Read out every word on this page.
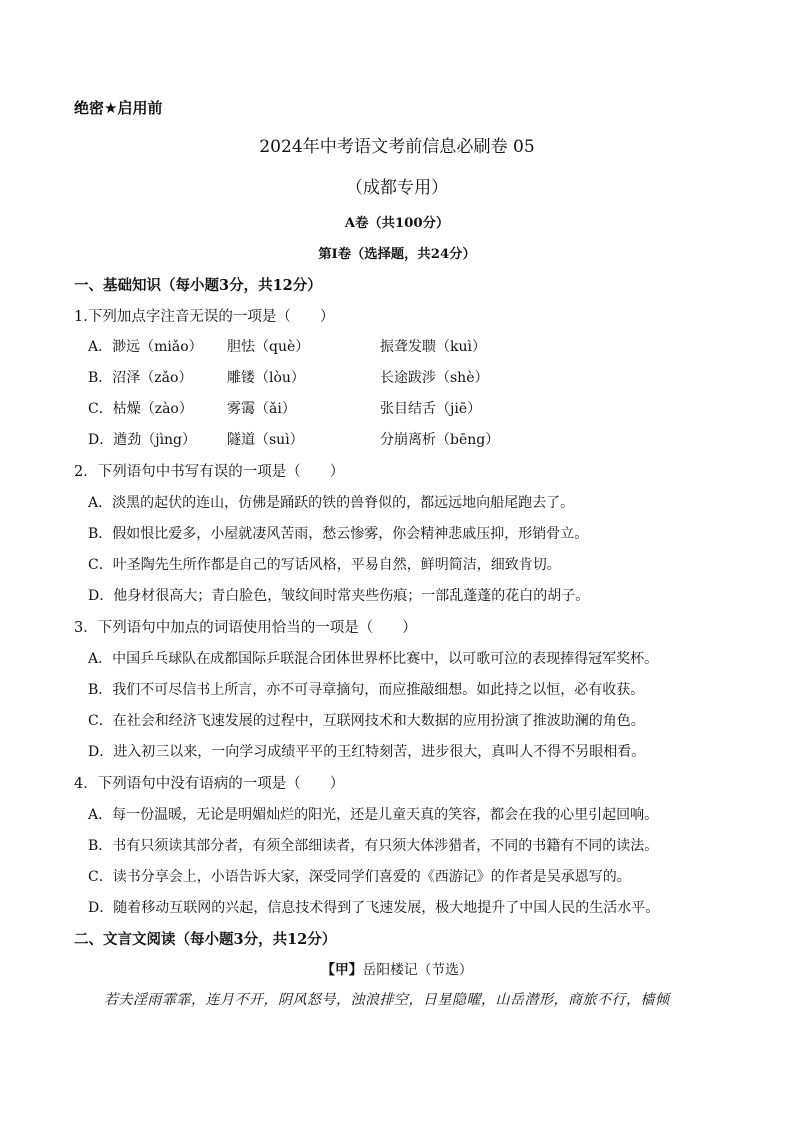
绝密★启用前
2024年中考语文考前信息必刷卷 05
（成都专用）
A卷（共100分）
第Ⅰ卷（选择题，共24分）
一、基础知识（每小题3分，共12分）
1.下列加点字注音无误的一项是（　　）
A．渺远（miǎo） 胆怯（què）	振聋发聩（kuì）
B．沼泽（zǎo） 雕镂（lòu）	长途跋涉（shè）
C．枯燥（zào） 雾霭（ǎi）	张目结舌（jiē）
D．遒劲（jìng） 隧道（suì）	分崩离析（bēng）
2．下列语句中书写有误的一项是（　　）
A．淡黑的起伏的连山，仿佛是踊跃的铁的兽脊似的，都远远地向船尾跑去了。
B．假如恨比爱多，小屋就凄风苦雨，愁云惨雾，你会精神悲戚压抑，形销骨立。
C．叶圣陶先生所作都是自己的写话风格，平易自然，鲜明简洁，细致肯切。
D．他身材很高大；青白脸色，皱纹间时常夹些伤痕；一部乱蓬蓬的花白的胡子。
3．下列语句中加点的词语使用恰当的一项是（　　）
A．中国乒乓球队在成都国际乒联混合团体世界杯比赛中，以可歌可泣的表现捧得冠军奖杯。
B．我们不可尽信书上所言，亦不可寻章摘句，而应推敲细想。如此持之以恒，必有收获。
C．在社会和经济飞速发展的过程中，互联网技术和大数据的应用扮演了推波助澜的角色。
D．进入初三以来，一向学习成绩平平的王红特刻苦，进步很大，真叫人不得不另眼相看。
4．下列语句中没有语病的一项是（　　）
A．每一份温暖，无论是明媚灿烂的阳光，还是儿童天真的笑容，都会在我的心里引起回响。
B．书有只须读其部分者，有须全部细读者，有只须大体涉猎者，不同的书籍有不同的读法。
C．读书分享会上，小语告诉大家，深受同学们喜爱的《西游记》的作者是吴承恩写的。
D．随着移动互联网的兴起，信息技术得到了飞速发展，极大地提升了中国人民的生活水平。
二、文言文阅读（每小题3分，共12分）
【甲】岳阳楼记（节选）
若夫淫雨霏霏，连月不开，阴风怒号，浊浪排空，日星隐曜，山岳潜形，商旅不行，樯倾
